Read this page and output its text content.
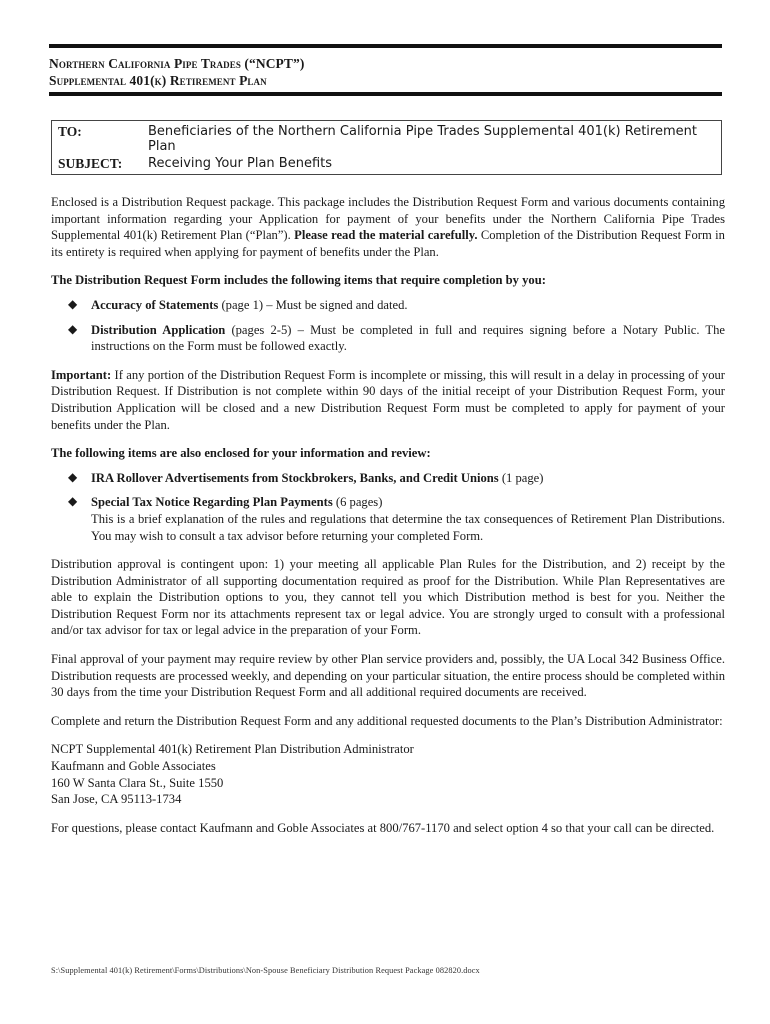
Northern California Pipe Trades (“NCPT”)
Supplemental 401(k) Retirement Plan
TO:	Beneficiaries of the Northern California Pipe Trades Supplemental 401(k) Retirement Plan
SUBJECT: Receiving Your Plan Benefits

Enclosed is a Distribution Request package. This package includes the Distribution Request Form and various documents containing important information regarding your Application for payment of your benefits under the Northern California Pipe Trades Supplemental 401(k) Retirement Plan (“Plan”). Please read the material carefully. Completion of the Distribution Request Form in its entirety is required when applying for payment of benefits under the Plan.

The Distribution Request Form includes the following items that require completion by you:

◆ Accuracy of Statements (page 1) – Must be signed and dated.
◆ Distribution Application (pages 2-5) – Must be completed in full and requires signing before a Notary Public. The instructions on the Form must be followed exactly.

Important: If any portion of the Distribution Request Form is incomplete or missing, this will result in a delay in processing of your Distribution Request. If Distribution is not complete within 90 days of the initial receipt of your Distribution Request Form, your Distribution Application will be closed and a new Distribution Request Form must be completed to apply for payment of your benefits under the Plan.

The following items are also enclosed for your information and review:

◆ IRA Rollover Advertisements from Stockbrokers, Banks, and Credit Unions (1 page)
◆ Special Tax Notice Regarding Plan Payments (6 pages)
This is a brief explanation of the rules and regulations that determine the tax consequences of Retirement Plan Distributions. You may wish to consult a tax advisor before returning your completed Form.

Distribution approval is contingent upon: 1) your meeting all applicable Plan Rules for the Distribution, and 2) receipt by the Distribution Administrator of all supporting documentation required as proof for the Distribution. While Plan Representatives are able to explain the Distribution options to you, they cannot tell you which Distribution method is best for you. Neither the Distribution Request Form nor its attachments represent tax or legal advice. You are strongly urged to consult with a professional and/or tax advisor for tax or legal advice in the preparation of your Form.

Final approval of your payment may require review by other Plan service providers and, possibly, the UA Local 342 Business Office. Distribution requests are processed weekly, and depending on your particular situation, the entire process should be completed within 30 days from the time your Distribution Request Form and all additional required documents are received.

Complete and return the Distribution Request Form and any additional requested documents to the Plan’s Distribution Administrator:

NCPT Supplemental 401(k) Retirement Plan Distribution Administrator

Kaufmann and Goble Associates

160 W Santa Clara St., Suite 1550

San Jose, CA 95113-1734

For questions, please contact Kaufmann and Goble Associates at 800/767-1170 and select option 4 so that your call can be directed.

S:\Supplemental 401(k) Retirement\Forms\Distributions\Non-Spouse Beneficiary Distribution Request Package 082820.docx
